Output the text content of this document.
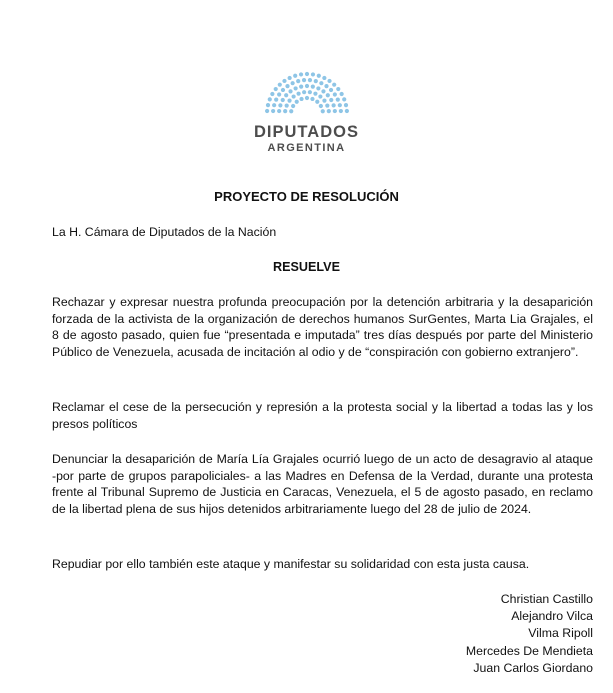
DIPUTADOS
ARGENTINA
PROYECTO DE RESOLUCIÓN
La H. Cámara de Diputados de la Nación
RESUELVE
Rechazar y expresar nuestra profunda preocupación por la detención arbitraria y la desaparición forzada de la activista de la organización de derechos humanos SurGentes, Marta Lia Grajales, el 8 de agosto pasado, quien fue “presentada e imputada” tres días después por parte del Ministerio Público de Venezuela, acusada de incitación al odio y de “conspiración con gobierno extranjero”.
Reclamar el cese de la persecución y represión a la protesta social y la libertad a todas las y los presos políticos
Denunciar la desaparición de María Lía Grajales ocurrió luego de un acto de desagravio al ataque -por parte de grupos parapoliciales- a las Madres en Defensa de la Verdad, durante una protesta frente al Tribunal Supremo de Justicia en Caracas, Venezuela, el 5 de agosto pasado, en reclamo de la libertad plena de sus hijos detenidos arbitrariamente luego del 28 de julio de 2024.
Repudiar por ello también este ataque y manifestar su solidaridad con esta justa causa.
Christian Castillo
Alejandro Vilca
Vilma Ripoll
Mercedes De Mendieta
Juan Carlos Giordano
